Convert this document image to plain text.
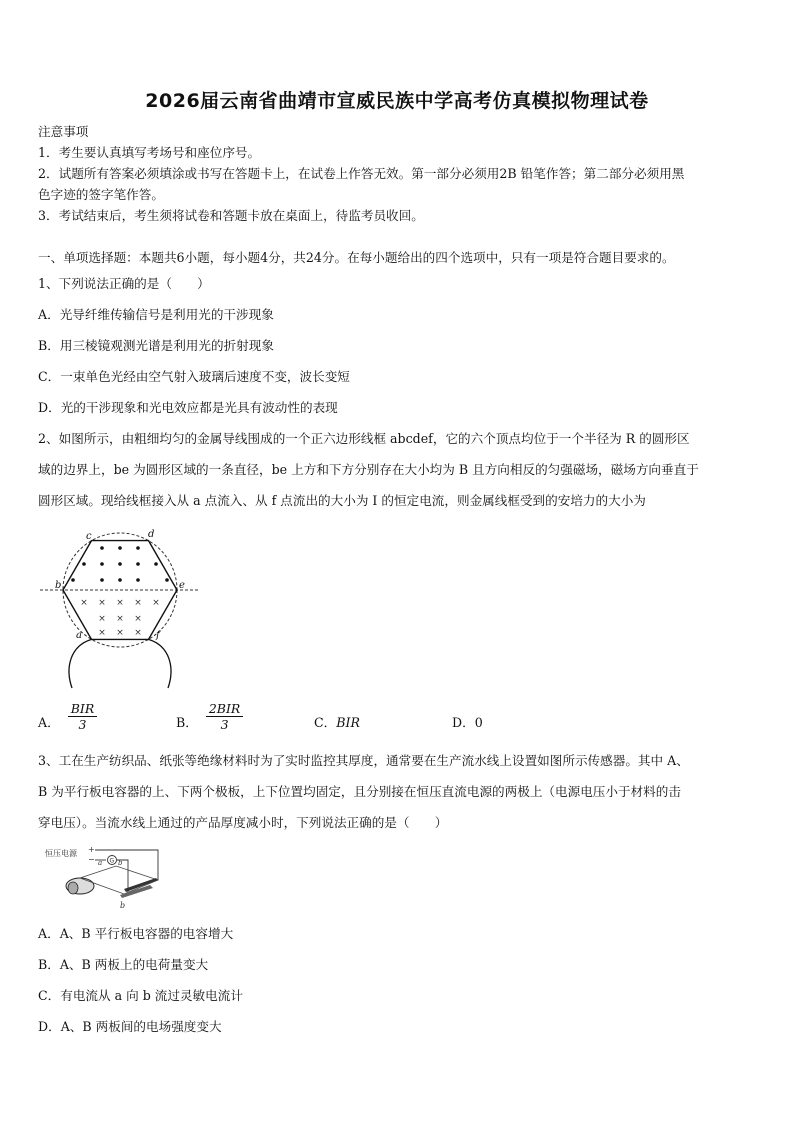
2026届云南省曲靖市宣威民族中学高考仿真模拟物理试卷
注意事项
1．考生要认真填写考场号和座位序号。
2．试题所有答案必须填涂或书写在答题卡上，在试卷上作答无效。第一部分必须用2B 铅笔作答；第二部分必须用黑
色字迹的签字笔作答。
3．考试结束后，考生须将试卷和答题卡放在桌面上，待监考员收回。
一、单项选择题：本题共6小题，每小题4分，共24分。在每小题给出的四个选项中，只有一项是符合题目要求的。
1、下列说法正确的是（　　）
A．光导纤维传输信号是利用光的干涉现象
B．用三棱镜观测光谱是利用光的折射现象
C．一束单色光经由空气射入玻璃后速度不变，波长变短
D．光的干涉现象和光电效应都是光具有波动性的表现
2、如图所示，由粗细均匀的金属导线围成的一个正六边形线框 abcdef，它的六个顶点均位于一个半径为 R 的圆形区
域的边界上，be 为圆形区域的一条直径，be 上方和下方分别存在大小均为 B 且方向相反的匀强磁场，磁场方向垂直于
圆形区域。现给线框接入从 a 点流入、从 f 点流出的大小为 I 的恒定电流，则金属线框受到的安培力的大小为
× × × × ×
× × ×
× × ×
c	d
b	e
a	f
A． $\frac{\text{BIR}}{3}$	B． $\frac{\text{2BIR}}{3}$	C．BIR	D．0
3、工在生产纺织品、纸张等绝缘材料时为了实时监控其厚度，通常要在生产流水线上设置如图所示传感器。其中 A、
B 为平行板电容器的上、下两个极板，上下位置均固定，且分别接在恒压直流电源的两极上（电源电压小于材料的击
穿电压）。当流水线上通过的产品厚度减小时，下列说法正确的是（　　）
恒压电源 +
− a G b
b
A．A、B 平行板电容器的电容增大
B．A、B 两板上的电荷量变大
C．有电流从 a 向 b 流过灵敏电流计
D．A、B 两板间的电场强度变大
